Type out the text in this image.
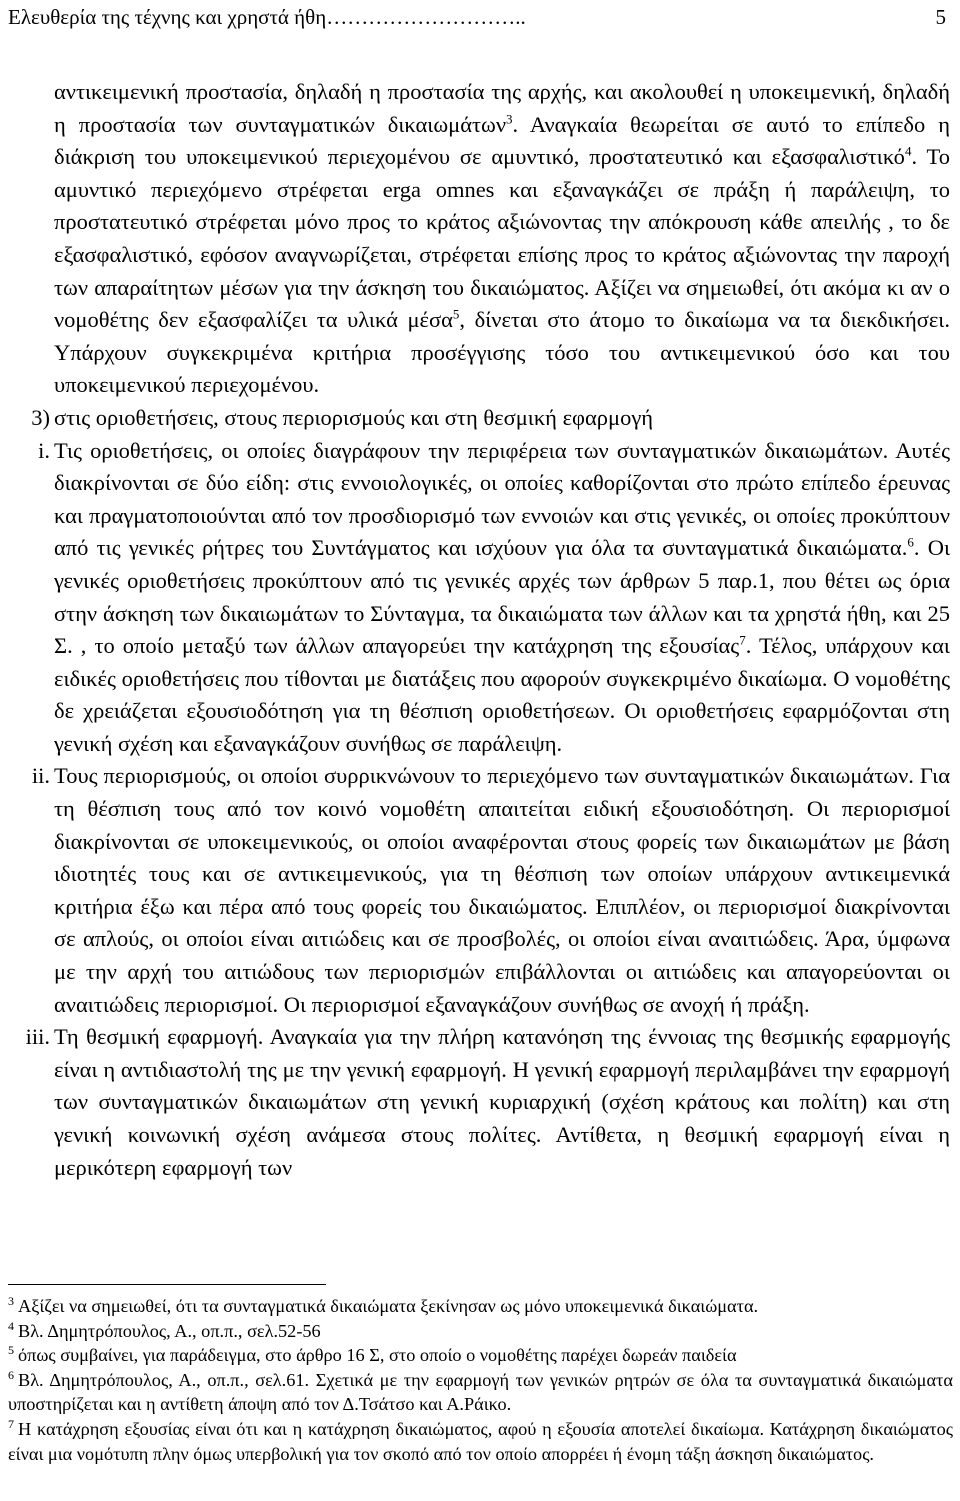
Ελευθερία της τέχνης και χρηστά ήθη………………………..	5

αντικειμενική προστασία, δηλαδή η προστασία της αρχής, και ακολουθεί η υποκειμενική, δηλαδή η προστασία των συνταγματικών δικαιωμάτων$^3$. Αναγκαία θεωρείται σε αυτό το επίπεδο η διάκριση του υποκειμενικού περιεχομένου σε αμυντικό, προστατευτικό και εξασφαλιστικό$^4$. Το αμυντικό περιεχόμενο στρέφεται erga omnes και εξαναγκάζει σε πράξη ή παράλειψη, το προστατευτικό στρέφεται μόνο προς το κράτος αξιώνοντας την απόκρουση κάθε απειλής , το δε εξασφαλιστικό, εφόσον αναγνωρίζεται, στρέφεται επίσης προς το κράτος αξιώνοντας την παροχή των απαραίτητων μέσων για την άσκηση του δικαιώματος. Αξίζει να σημειωθεί, ότι ακόμα κι αν ο νομοθέτης δεν εξασφαλίζει τα υλικά μέσα$^5$, δίνεται στο άτομο το δικαίωμα να τα διεκδικήσει. Υπάρχουν συγκεκριμένα κριτήρια προσέγγισης τόσο του αντικειμενικού όσο και του υποκειμενικού περιεχομένου.

3) στις οριοθετήσεις, στους περιορισμούς και στη θεσμική εφαρμογή
i. Τις οριοθετήσεις, οι οποίες διαγράφουν την περιφέρεια των συνταγματικών δικαιωμάτων. Αυτές διακρίνονται σε δύο είδη: στις εννοιολογικές, οι οποίες καθορίζονται στο πρώτο επίπεδο έρευνας και πραγματοποιούνται από τον προσδιορισμό των εννοιών και στις γενικές, οι οποίες προκύπτουν από τις γενικές ρήτρες του Συντάγματος και ισχύουν για όλα τα συνταγματικά δικαιώματα.$^6$. Οι γενικές οριοθετήσεις προκύπτουν από τις γενικές αρχές των άρθρων 5 παρ.1, που θέτει ως όρια στην άσκηση των δικαιωμάτων το Σύνταγμα, τα δικαιώματα των άλλων και τα χρηστά ήθη, και 25 Σ. , το οποίο μεταξύ των άλλων απαγορεύει την κατάχρηση της εξουσίας$^7$. Τέλος, υπάρχουν και ειδικές οριοθετήσεις που τίθονται με διατάξεις που αφορούν συγκεκριμένο δικαίωμα. Ο νομοθέτης δε χρειάζεται εξουσιοδότηση για τη θέσπιση οριοθετήσεων. Οι οριοθετήσεις εφαρμόζονται στη γενική σχέση και εξαναγκάζουν συνήθως σε παράλειψη.
ii. Τους περιορισμούς, οι οποίοι συρρικνώνουν το περιεχόμενο των συνταγματικών δικαιωμάτων. Για τη θέσπιση τους από τον κοινό νομοθέτη απαιτείται ειδική εξουσιοδότηση. Οι περιορισμοί διακρίνονται σε υποκειμενικούς, οι οποίοι αναφέρονται στους φορείς των δικαιωμάτων με βάση ιδιοτητές τους και σε αντικειμενικούς, για τη θέσπιση των οποίων υπάρχουν αντικειμενικά κριτήρια έξω και πέρα από τους φορείς του δικαιώματος. Επιπλέον, οι περιορισμοί διακρίνονται σε απλούς, οι οποίοι είναι αιτιώδεις και σε προσβολές, οι οποίοι είναι αναιτιώδεις. Άρα, ύμφωνα με την αρχή του αιτιώδους των περιορισμών επιβάλλονται οι αιτιώδεις και απαγορεύονται οι αναιτιώδεις περιορισμοί. Οι περιορισμοί εξαναγκάζουν συνήθως σε ανοχή ή πράξη.
iii. Τη θεσμική εφαρμογή. Αναγκαία για την πλήρη κατανόηση της έννοιας της θεσμικής εφαρμογής είναι η αντιδιαστολή της με την γενική εφαρμογή. Η γενική εφαρμογή περιλαμβάνει την εφαρμογή των συνταγματικών δικαιωμάτων στη γενική κυριαρχική (σχέση κράτους και πολίτη) και στη γενική κοινωνική σχέση ανάμεσα στους πολίτες. Αντίθετα, η θεσμική εφαρμογή είναι η μερικότερη εφαρμογή των

$^3$ Αξίζει να σημειωθεί, ότι τα συνταγματικά δικαιώματα ξεκίνησαν ως μόνο υποκειμενικά δικαιώματα.

$^4$ Βλ. Δημητρόπουλος, Α., οπ.π., σελ.52-56

$^5$ όπως συμβαίνει, για παράδειγμα, στο άρθρο 16 Σ, στο οποίο ο νομοθέτης παρέχει δωρεάν παιδεία

$^6$ Βλ. Δημητρόπουλος, Α., οπ.π., σελ.61. Σχετικά με την εφαρμογή των γενικών ρητρών σε όλα τα συνταγματικά δικαιώματα υποστηρίζεται και η αντίθετη άποψη από τον Δ.Τσάτσο και Α.Ράικο.

$^7$ Η κατάχρηση εξουσίας είναι ότι και η κατάχρηση δικαιώματος, αφού η εξουσία αποτελεί δικαίωμα. Κατάχρηση δικαιώματος είναι μια νομότυπη πλην όμως υπερβολική για τον σκοπό από τον οποίο απορρέει ή ένομη τάξη άσκηση δικαιώματος.
